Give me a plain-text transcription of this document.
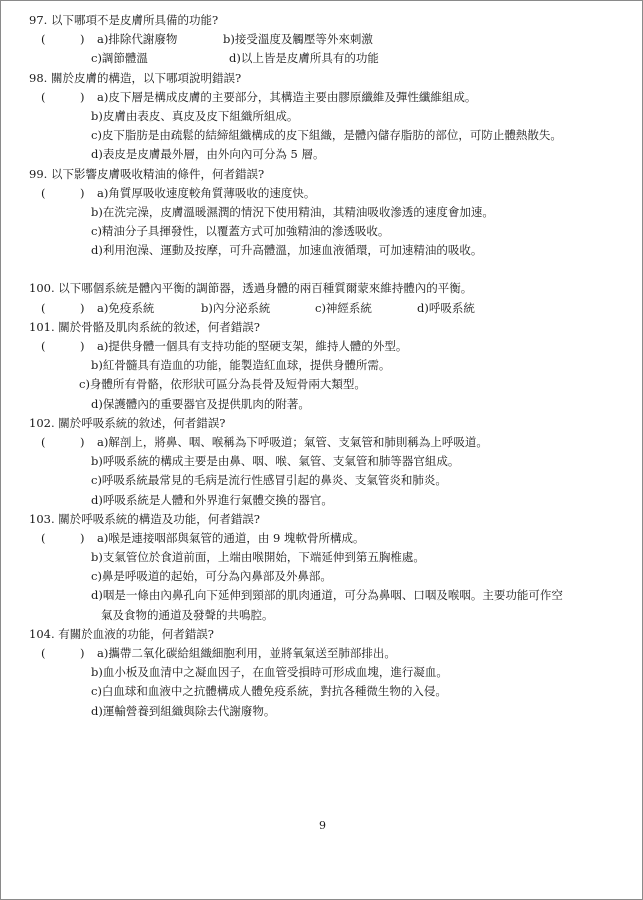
97. 以下哪項不是皮膚所具備的功能?
(　　　) a)排除代謝廢物	b)接受溫度及觸壓等外來刺激
c)調節體溫	d)以上皆是皮膚所具有的功能
98. 關於皮膚的構造，以下哪項說明錯誤?
(　　　) a)皮下層是構成皮膚的主要部分，其構造主要由膠原纖維及彈性纖維組成。
b)皮膚由表皮、真皮及皮下組織所組成。
c)皮下脂肪是由疏鬆的結締組織構成的皮下組織，是體內儲存脂肪的部位，可防止體熱散失。
d)表皮是皮膚最外層，由外向內可分為 5 層。
99. 以下影響皮膚吸收精油的條件，何者錯誤?
(　　　) a)角質厚吸收速度較角質薄吸收的速度快。
b)在洗完澡，皮膚溫暖濕潤的情況下使用精油，其精油吸收滲透的速度會加速。
c)精油分子具揮發性，以覆蓋方式可加強精油的滲透吸收。
d)利用泡澡、運動及按摩，可升高體溫，加速血液循環，可加速精油的吸收。
100. 以下哪個系統是體內平衡的調節器，透過身體的兩百種質爾蒙來維持體內的平衡。
(　　　) a)免疫系統	b)內分泌系統	c)神經系統	d)呼吸系統
101. 關於骨骼及肌肉系統的敘述，何者錯誤?
(　　　) a)提供身體一個具有支持功能的堅硬支架，維持人體的外型。
b)紅骨髓具有造血的功能，能製造紅血球，提供身體所需。
c)身體所有骨骼，依形狀可區分為長骨及短骨兩大類型。
d)保護體內的重要器官及提供肌肉的附著。
102. 關於呼吸系統的敘述，何者錯誤?
(　　　) a)解剖上，將鼻、咽、喉稱為下呼吸道；氣管、支氣管和肺則稱為上呼吸道。
b)呼吸系統的構成主要是由鼻、咽、喉、氣管、支氣管和肺等器官組成。
c)呼吸系統最常見的毛病是流行性感冒引起的鼻炎、支氣管炎和肺炎。
d)呼吸系統是人體和外界進行氣體交換的器官。
103. 關於呼吸系統的構造及功能，何者錯誤?
(　　　) a)喉是連接咽部與氣管的通道，由 9 塊軟骨所構成。
b)支氣管位於食道前面，上端由喉開始，下端延伸到第五胸椎處。
c)鼻是呼吸道的起始，可分為內鼻部及外鼻部。
d)咽是一條由內鼻孔向下延伸到頸部的肌肉通道，可分為鼻咽、口咽及喉咽。主要功能可作空
氣及食物的通道及發聲的共鳴腔。
104. 有關於血液的功能，何者錯誤?
(　　　) a)攜帶二氧化碳給組織細胞利用，並將氧氣送至肺部排出。
b)血小板及血清中之凝血因子，在血管受損時可形成血塊，進行凝血。
c)白血球和血液中之抗體構成人體免疫系統，對抗各種微生物的入侵。
d)運輸營養到組織與除去代謝廢物。
9
